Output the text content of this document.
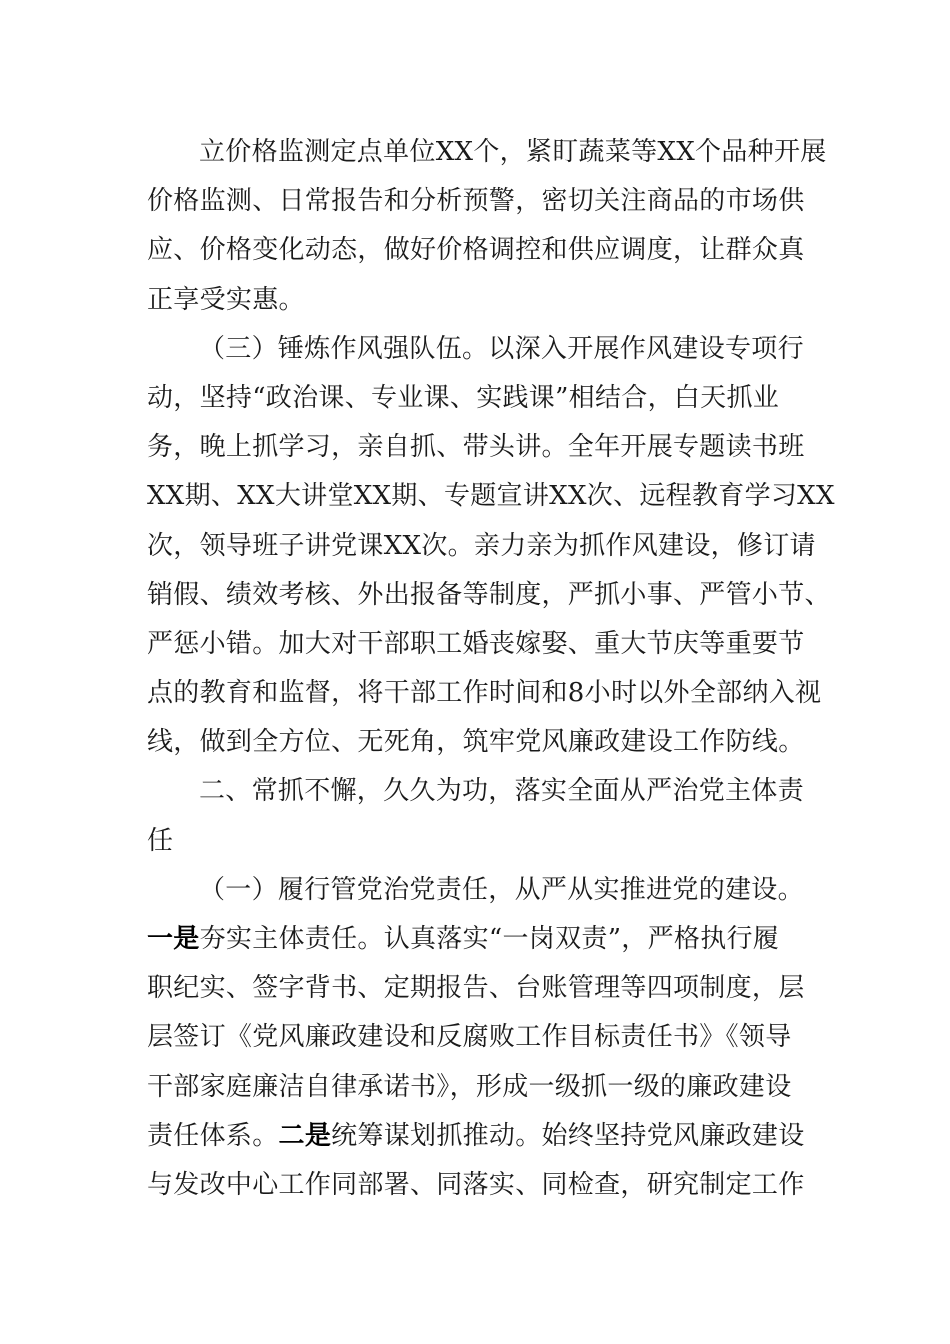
立价格监测定点单位XX个，紧盯蔬菜等XX个品种开展
价格监测、日常报告和分析预警，密切关注商品的市场供
应、价格变化动态，做好价格调控和供应调度，让群众真
正享受实惠。
（三）锤炼作风强队伍。以深入开展作风建设专项行
动，坚持“政治课、专业课、实践课”相结合，白天抓业
务，晚上抓学习，亲自抓、带头讲。全年开展专题读书班
XX期、XX大讲堂XX期、专题宣讲XX次、远程教育学习XX
次，领导班子讲党课XX次。亲力亲为抓作风建设，修订请
销假、绩效考核、外出报备等制度，严抓小事、严管小节、
严惩小错。加大对干部职工婚丧嫁娶、重大节庆等重要节
点的教育和监督，将干部工作时间和8小时以外全部纳入视
线，做到全方位、无死角，筑牢党风廉政建设工作防线。
二、常抓不懈，久久为功，落实全面从严治党主体责
任
（一）履行管党治党责任，从严从实推进党的建设。
一是夯实主体责任。认真落实“一岗双责”，严格执行履
职纪实、签字背书、定期报告、台账管理等四项制度，层
层签订《党风廉政建设和反腐败工作目标责任书》《领导
干部家庭廉洁自律承诺书》，形成一级抓一级的廉政建设
责任体系。二是统筹谋划抓推动。始终坚持党风廉政建设
与发改中心工作同部署、同落实、同检查，研究制定工作
